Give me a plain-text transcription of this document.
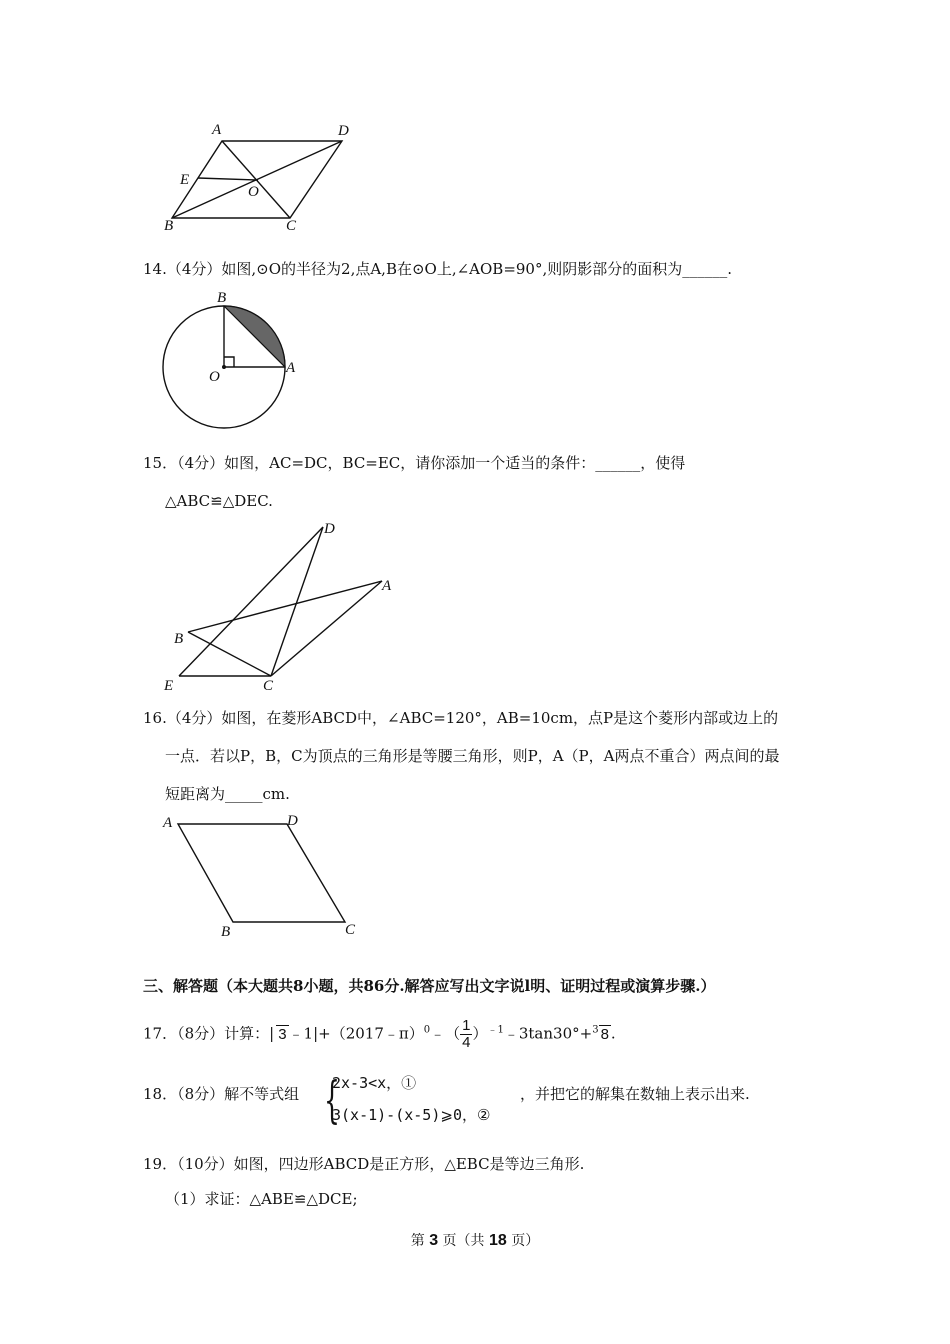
A	D
E
O
B	C
14.（4分）如图,⊙O的半径为2,点A,B在⊙O上,∠AOB=90°,则阴影部分的面积为______.
B
O
A
15．（4分）如图，AC=DC，BC=EC，请你添加一个适当的条件：______，使得
△ABC≌△DEC.
D
A
B
E	C
16.（4分）如图，在菱形ABCD中，∠ABC=120°，AB=10cm，点P是这个菱形内部或边上的
一点．若以P，B，C为顶点的三角形是等腰三角形，则P，A（P，A两点不重合）两点间的最
短距离为_____cm.
A	D
B	C
三、解答题（本大题共8小题，共86分.解答应写出文字说l明、证明过程或演算步骤.）
17．（8分）计算：| 3 ﹣1|+（2017﹣π）$^0$﹣（ $\frac{1}{4}$ ）$^{﹣1}$﹣3tan30°+$^3$ 8 .
18．（8分）解不等式组 {
2x-3<x，①
3(x-1)-(x-5)⩾0，②
，并把它的解集在数轴上表示出来.
19．（10分）如图，四边形ABCD是正方形，△EBC是等边三角形.
（1）求证：△ABE≌△DCE;
第 3 页（共 18 页）
